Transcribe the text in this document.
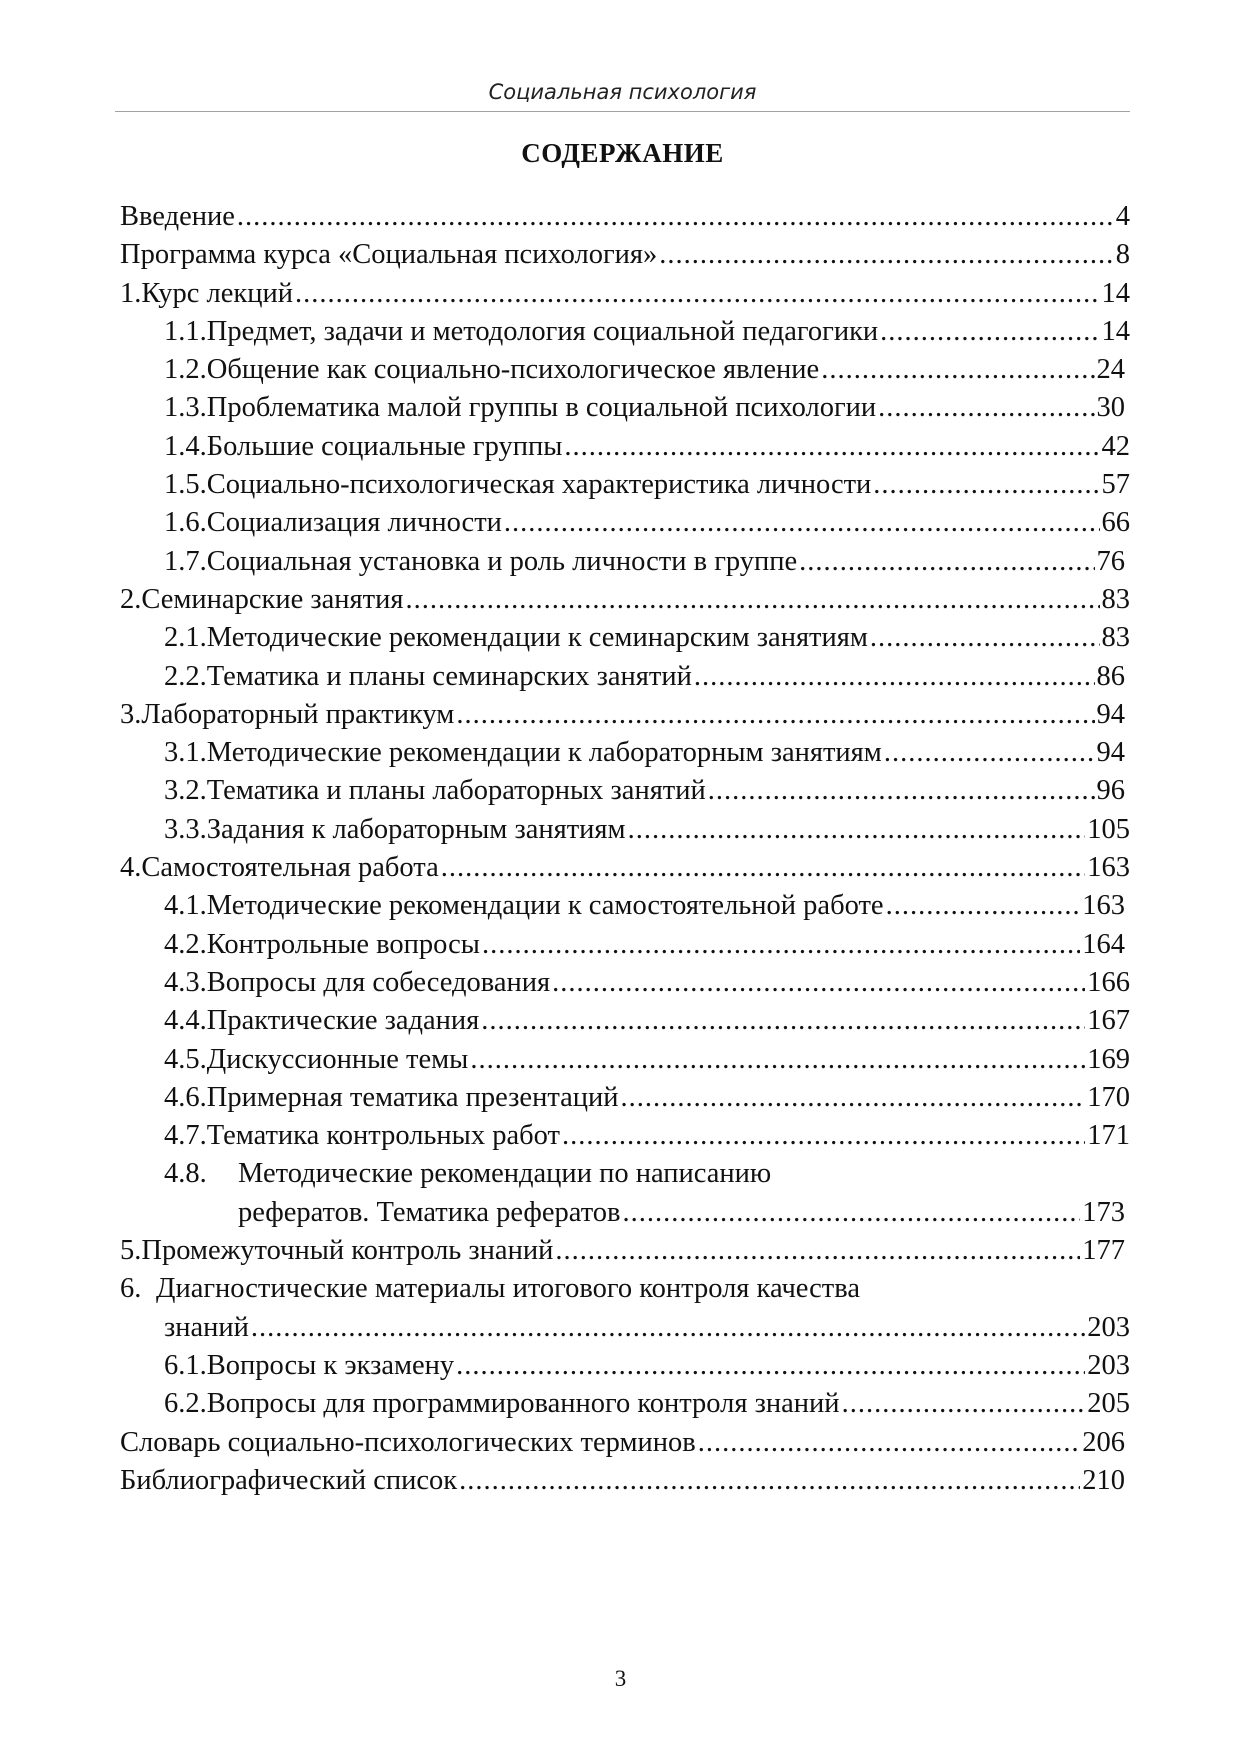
Социальная психология
СОДЕРЖАНИЕ
Введение .....	4
Программа курса «Социальная психология» .....	8
1. Курс лекций .....	14
1.1. Предмет, задачи и методология социальной педагогики .....	14
1.2. Общение как социально-психологическое явление .....	24
1.3. Проблематика малой группы в социальной психологии .....	30
1.4. Большие социальные группы .....	42
1.5. Социально-психологическая характеристика личности .....	57
1.6. Социализация личности .....	66
1.7. Социальная установка и роль личности в группе .....	76
2. Семинарские занятия .....	83
2.1. Методические рекомендации к семинарским занятиям .....	83
2.2. Тематика и планы семинарских занятий .....	86
3. Лабораторный практикум .....	94
3.1. Методические рекомендации к лабораторным занятиям .....	94
3.2. Тематика и планы лабораторных занятий .....	96
3.3. Задания к лабораторным занятиям .....	105
4. Самостоятельная работа .....	163
4.1. Методические рекомендации к самостоятельной работе .....	163
4.2. Контрольные вопросы .....	164
4.3. Вопросы для собеседования .....	166
4.4. Практические задания .....	167
4.5. Дискуссионные темы .....	169
4.6. Примерная тематика презентаций .....	170
4.7. Тематика контрольных работ .....	171
4.8.	Методические рекомендации по написанию
рефератов. Тематика рефератов .....	173
5. Промежуточный контроль знаний .....	177
6. Диагностические материалы итогового контроля качества
знаний .....	203
6.1. Вопросы к экзамену .....	203
6.2. Вопросы для программированного контроля знаний .....	205
Словарь социально-психологических терминов .....	206
Библиографический список .....	210
3
